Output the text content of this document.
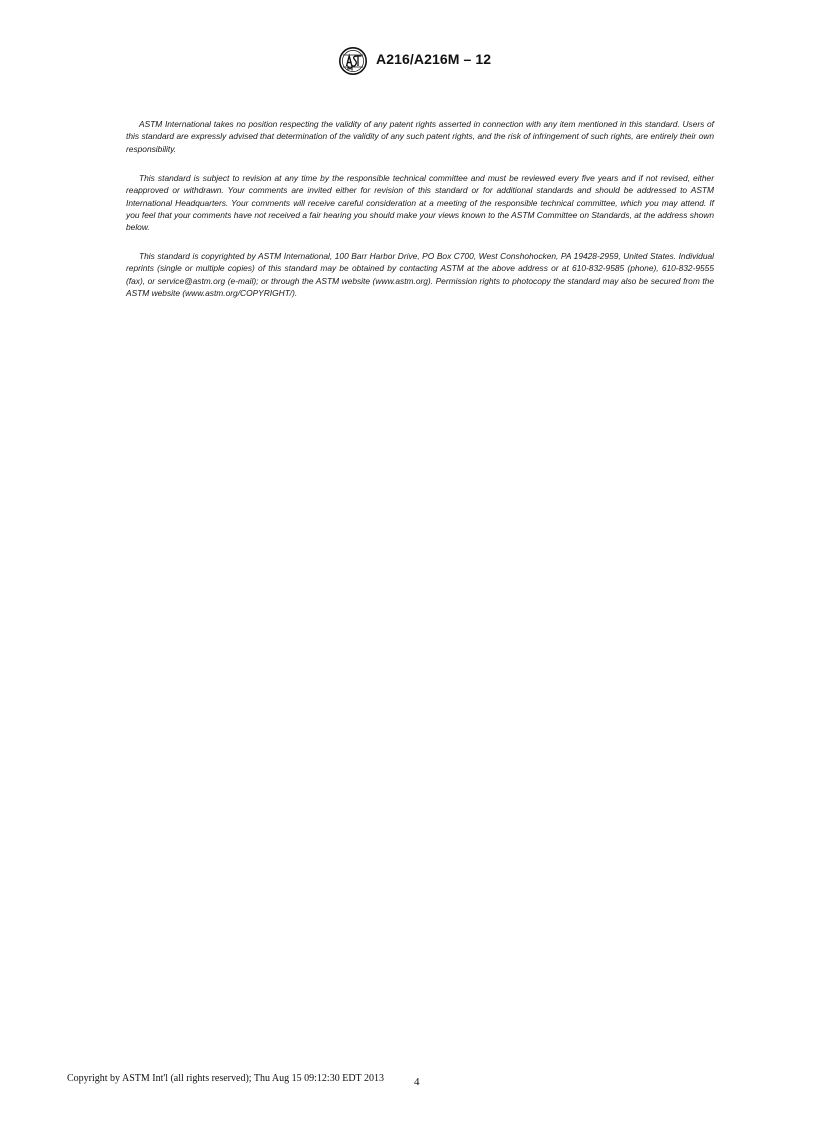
A216/A216M – 12

ASTM International takes no position respecting the validity of any patent rights asserted in connection with any item mentioned in this standard. Users of this standard are expressly advised that determination of the validity of any such patent rights, and the risk of infringement of such rights, are entirely their own responsibility.

This standard is subject to revision at any time by the responsible technical committee and must be reviewed every five years and if not revised, either reapproved or withdrawn. Your comments are invited either for revision of this standard or for additional standards and should be addressed to ASTM International Headquarters. Your comments will receive careful consideration at a meeting of the responsible technical committee, which you may attend. If you feel that your comments have not received a fair hearing you should make your views known to the ASTM Committee on Standards, at the address shown below.

This standard is copyrighted by ASTM International, 100 Barr Harbor Drive, PO Box C700, West Conshohocken, PA 19428-2959, United States. Individual reprints (single or multiple copies) of this standard may be obtained by contacting ASTM at the above address or at 610-832-9585 (phone), 610-832-9555 (fax), or service@astm.org (e-mail); or through the ASTM website (www.astm.org). Permission rights to photocopy the standard may also be secured from the ASTM website (www.astm.org/COPYRIGHT/).

Copyright by ASTM Int'l (all rights reserved); Thu Aug 15 09:12:30 EDT 2013	4
